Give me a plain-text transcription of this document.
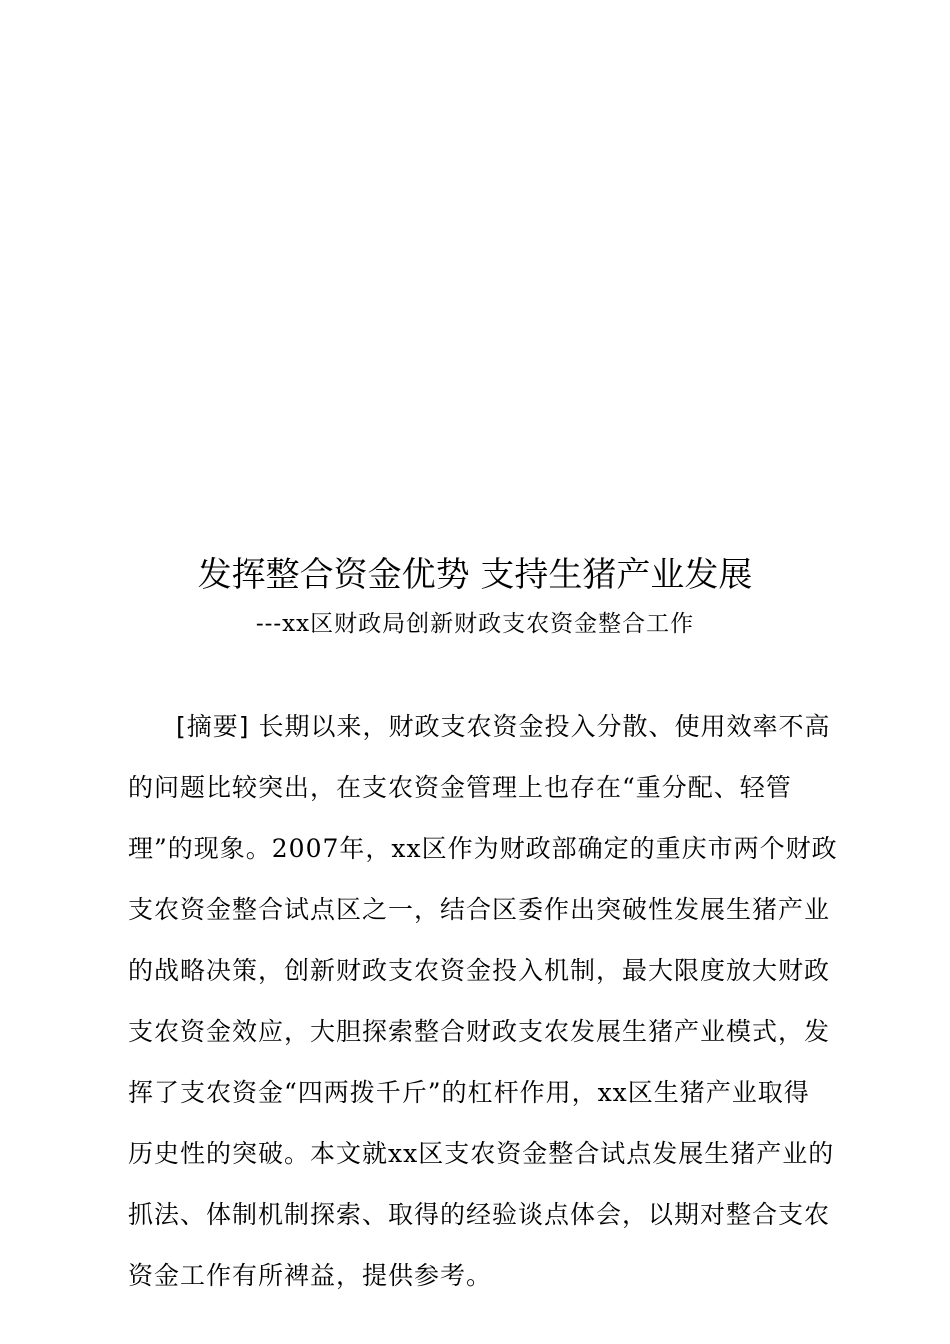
发挥整合资金优势 支持生猪产业发展
---xx区财政局创新财政支农资金整合工作
[摘要] 长期以来，财政支农资金投入分散、使用效率不高
的问题比较突出，在支农资金管理上也存在“重分配、轻管
理”的现象。2007年，xx区作为财政部确定的重庆市两个财政
支农资金整合试点区之一，结合区委作出突破性发展生猪产业
的战略决策，创新财政支农资金投入机制，最大限度放大财政
支农资金效应，大胆探索整合财政支农发展生猪产业模式，发
挥了支农资金“四两拨千斤”的杠杆作用，xx区生猪产业取得
历史性的突破。本文就xx区支农资金整合试点发展生猪产业的
抓法、体制机制探索、取得的经验谈点体会，以期对整合支农
资金工作有所裨益，提供参考。
